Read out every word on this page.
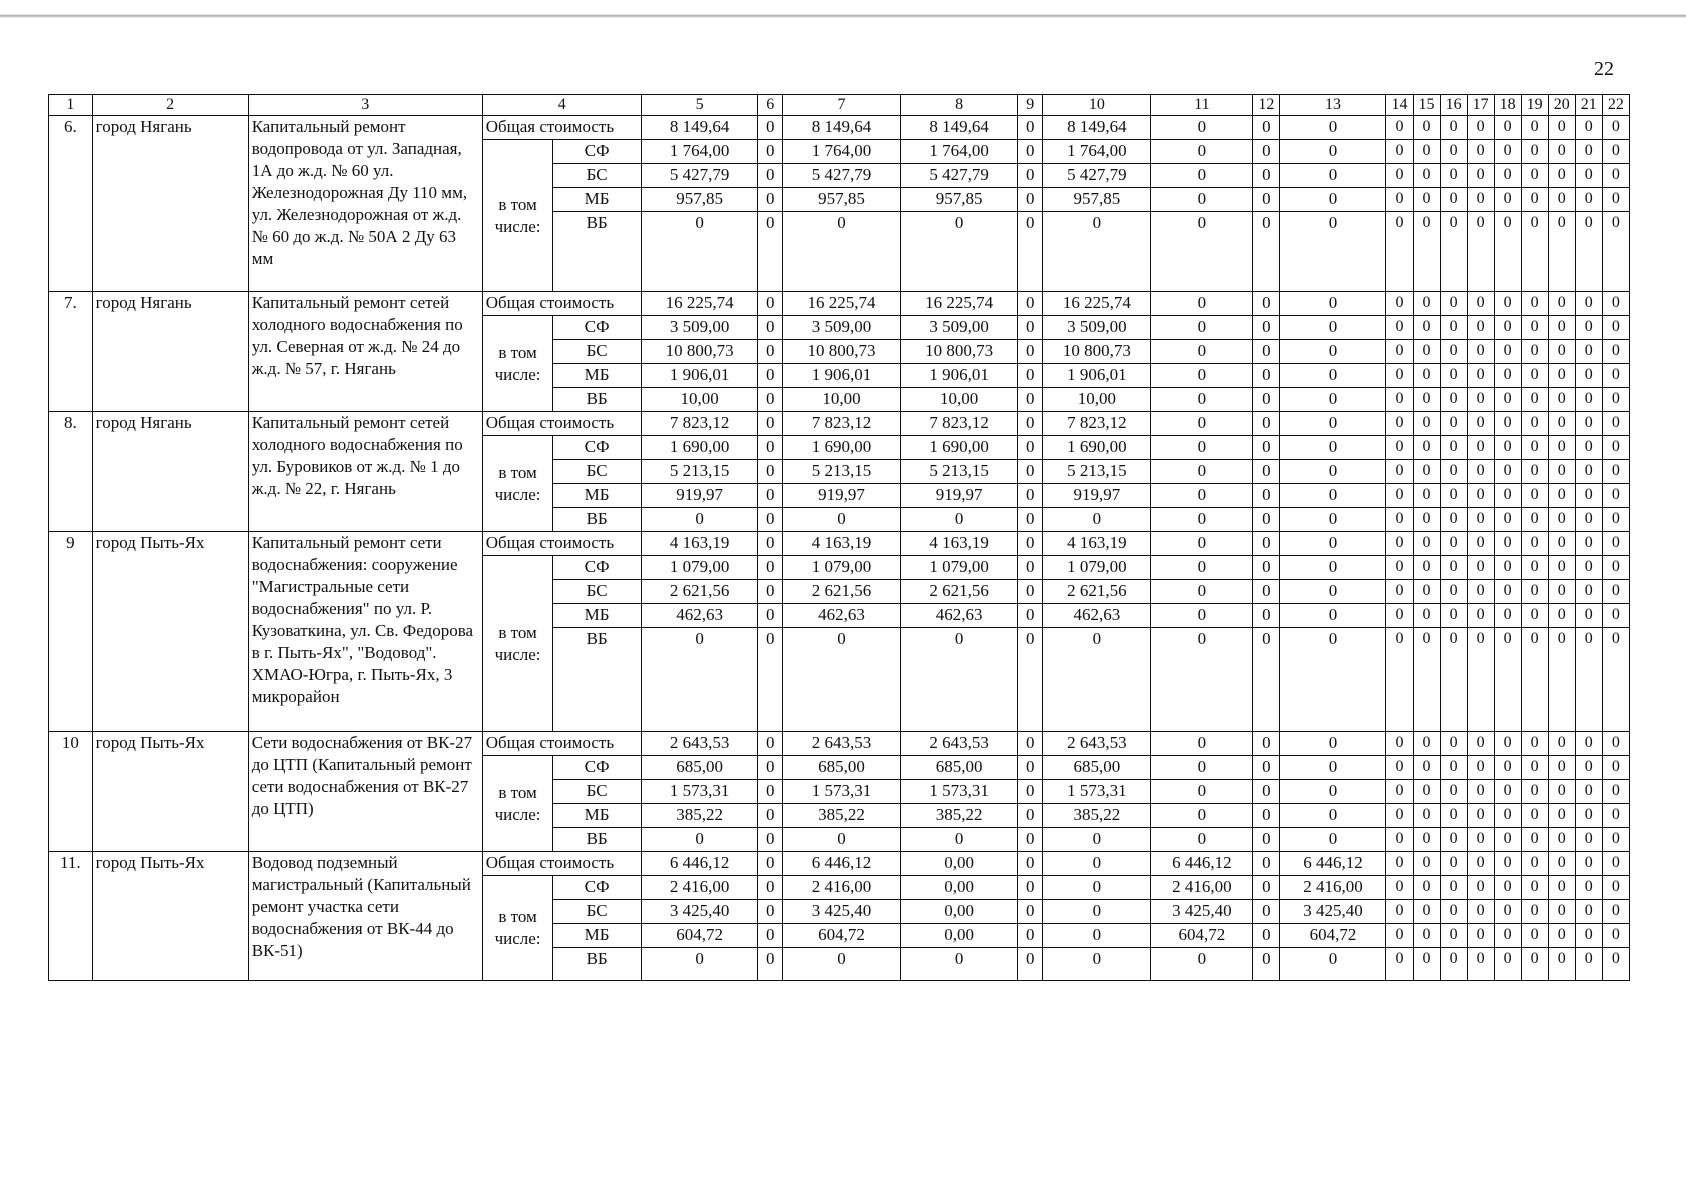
22
1	2	3	4		5	6	7	8	9	10	11	12	13	14	15	16	17	18	19	20	21	22
6.	город Нягань	Капитальный ремонт водопровода от ул. Западная, 1А до ж.д. № 60 ул. Железнодорожная Ду 110 мм, ул. Железнодорожная от ж.д. № 60 до ж.д. № 50А 2 Ду 63 мм	Общая стоимость		8 149,64	0	8 149,64	8 149,64	0	8 149,64	0	0	0	0	0	0	0	0	0	0	0	0
			в том числе:	СФ	1 764,00	0	1 764,00	1 764,00	0	1 764,00	0	0	0	0	0	0	0	0	0	0	0	0
				БС	5 427,79	0	5 427,79	5 427,79	0	5 427,79	0	0	0	0	0	0	0	0	0	0	0	0
				МБ	957,85	0	957,85	957,85	0	957,85	0	0	0	0	0	0	0	0	0	0	0	0
				ВБ	0	0	0	0	0	0	0	0	0	0	0	0	0	0	0	0	0	0
7.	город Нягань	Капитальный ремонт сетей холодного водоснабжения по ул. Северная от ж.д. № 24 до ж.д. № 57, г. Нягань	Общая стоимость		16 225,74	0	16 225,74	16 225,74	0	16 225,74	0	0	0	0	0	0	0	0	0	0	0	0
			в том числе:	СФ	3 509,00	0	3 509,00	3 509,00	0	3 509,00	0	0	0	0	0	0	0	0	0	0	0	0
				БС	10 800,73	0	10 800,73	10 800,73	0	10 800,73	0	0	0	0	0	0	0	0	0	0	0	0
				МБ	1 906,01	0	1 906,01	1 906,01	0	1 906,01	0	0	0	0	0	0	0	0	0	0	0	0
				ВБ	10,00	0	10,00	10,00	0	10,00	0	0	0	0	0	0	0	0	0	0	0	0
8.	город Нягань	Капитальный ремонт сетей холодного водоснабжения по ул. Буровиков от ж.д. № 1 до ж.д. № 22, г. Нягань	Общая стоимость		7 823,12	0	7 823,12	7 823,12	0	7 823,12	0	0	0	0	0	0	0	0	0	0	0	0
			в том числе:	СФ	1 690,00	0	1 690,00	1 690,00	0	1 690,00	0	0	0	0	0	0	0	0	0	0	0	0
				БС	5 213,15	0	5 213,15	5 213,15	0	5 213,15	0	0	0	0	0	0	0	0	0	0	0	0
				МБ	919,97	0	919,97	919,97	0	919,97	0	0	0	0	0	0	0	0	0	0	0	0
				ВБ	0	0	0	0	0	0	0	0	0	0	0	0	0	0	0	0	0	0
9	город Пыть-Ях	Капитальный ремонт сети водоснабжения: сооружение "Магистральные сети водоснабжения" по ул. Р. Кузоваткина, ул. Св. Федорова в г. Пыть-Ях", "Водовод". ХМАО-Югра, г. Пыть-Ях, 3 микрорайон	Общая стоимость		4 163,19	0	4 163,19	4 163,19	0	4 163,19	0	0	0	0	0	0	0	0	0	0	0	0
			в том числе:	СФ	1 079,00	0	1 079,00	1 079,00	0	1 079,00	0	0	0	0	0	0	0	0	0	0	0	0
				БС	2 621,56	0	2 621,56	2 621,56	0	2 621,56	0	0	0	0	0	0	0	0	0	0	0	0
				МБ	462,63	0	462,63	462,63	0	462,63	0	0	0	0	0	0	0	0	0	0	0	0
				ВБ	0	0	0	0	0	0	0	0	0	0	0	0	0	0	0	0	0	0
10	город Пыть-Ях	Сети водоснабжения от ВК-27 до ЦТП (Капитальный ремонт сети водоснабжения от ВК-27 до ЦТП)	Общая стоимость		2 643,53	0	2 643,53	2 643,53	0	2 643,53	0	0	0	0	0	0	0	0	0	0	0	0
			в том числе:	СФ	685,00	0	685,00	685,00	0	685,00	0	0	0	0	0	0	0	0	0	0	0	0
				БС	1 573,31	0	1 573,31	1 573,31	0	1 573,31	0	0	0	0	0	0	0	0	0	0	0	0
				МБ	385,22	0	385,22	385,22	0	385,22	0	0	0	0	0	0	0	0	0	0	0	0
				ВБ	0	0	0	0	0	0	0	0	0	0	0	0	0	0	0	0	0	0
11.	город Пыть-Ях	Водовод подземный магистральный (Капитальный ремонт участка сети водоснабжения от ВК-44 до ВК-51)	Общая стоимость		6 446,12	0	6 446,12	0,00	0	0	6 446,12	0	6 446,12	0	0	0	0	0	0	0	0	0
			в том числе:	СФ	2 416,00	0	2 416,00	0,00	0	0	2 416,00	0	2 416,00	0	0	0	0	0	0	0	0	0
				БС	3 425,40	0	3 425,40	0,00	0	0	3 425,40	0	3 425,40	0	0	0	0	0	0	0	0	0
				МБ	604,72	0	604,72	0,00	0	0	604,72	0	604,72	0	0	0	0	0	0	0	0	0
				ВБ	0	0	0	0	0	0	0	0	0	0	0	0	0	0	0	0	0	0
